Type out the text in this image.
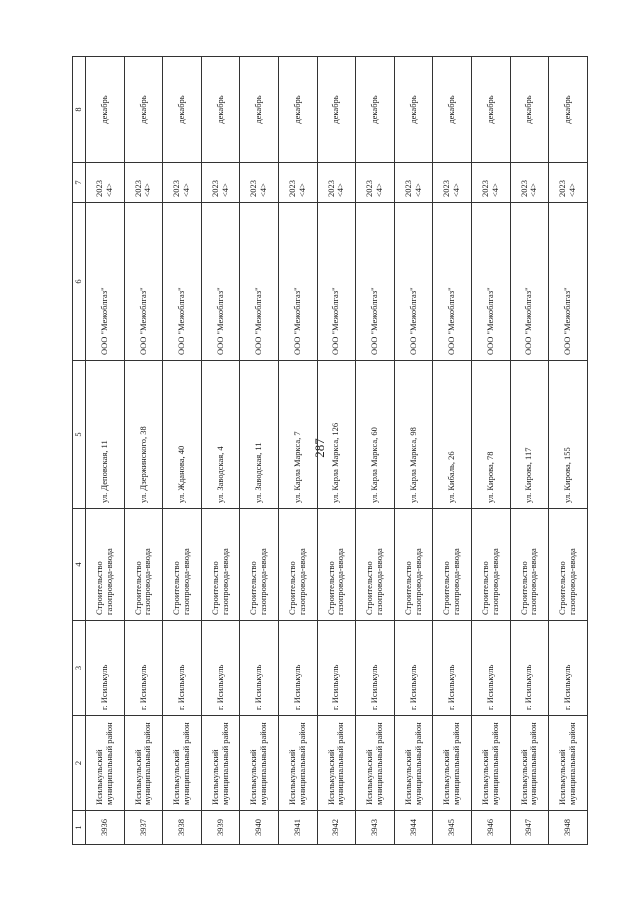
287
1	2	3	4	5	6	7	8
3936	Исилькульский муниципальный район	г. Исилькуль	Строительство газопровода-ввода	ул. Деповская, 11	ООО "Межоблгаз"	2023 <4>	декабрь
3937	Исилькульский муниципальный район	г. Исилькуль	Строительство газопровода-ввода	ул. Дзержинского, 38	ООО "Межоблгаз"	2023 <4>	декабрь
3938	Исилькульский муниципальный район	г. Исилькуль	Строительство газопровода-ввода	ул. Жданова, 40	ООО "Межоблгаз"	2023 <4>	декабрь
3939	Исилькульский муниципальный район	г. Исилькуль	Строительство газопровода-ввода	ул. Заводская, 4	ООО "Межоблгаз"	2023 <4>	декабрь
3940	Исилькульский муниципальный район	г. Исилькуль	Строительство газопровода-ввода	ул. Заводская, 11	ООО "Межоблгаз"	2023 <4>	декабрь
3941	Исилькульский муниципальный район	г. Исилькуль	Строительство газопровода-ввода	ул. Карла Маркса, 7	ООО "Межоблгаз"	2023 <4>	декабрь
3942	Исилькульский муниципальный район	г. Исилькуль	Строительство газопровода-ввода	ул. Карла Маркса, 126	ООО "Межоблгаз"	2023 <4>	декабрь
3943	Исилькульский муниципальный район	г. Исилькуль	Строительство газопровода-ввода	ул. Карла Маркса, 60	ООО "Межоблгаз"	2023 <4>	декабрь
3944	Исилькульский муниципальный район	г. Исилькуль	Строительство газопровода-ввода	ул. Карла Маркса, 98	ООО "Межоблгаз"	2023 <4>	декабрь
3945	Исилькульский муниципальный район	г. Исилькуль	Строительство газопровода-ввода	ул. Кибаль, 26	ООО "Межоблгаз"	2023 <4>	декабрь
3946	Исилькульский муниципальный район	г. Исилькуль	Строительство газопровода-ввода	ул. Кирова, 78	ООО "Межоблгаз"	2023 <4>	декабрь
3947	Исилькульский муниципальный район	г. Исилькуль	Строительство газопровода-ввода	ул. Кирова, 117	ООО "Межоблгаз"	2023 <4>	декабрь
3948	Исилькульский муниципальный район	г. Исилькуль	Строительство газопровода-ввода	ул. Кирова, 155	ООО "Межоблгаз"	2023 <4>	декабрь
